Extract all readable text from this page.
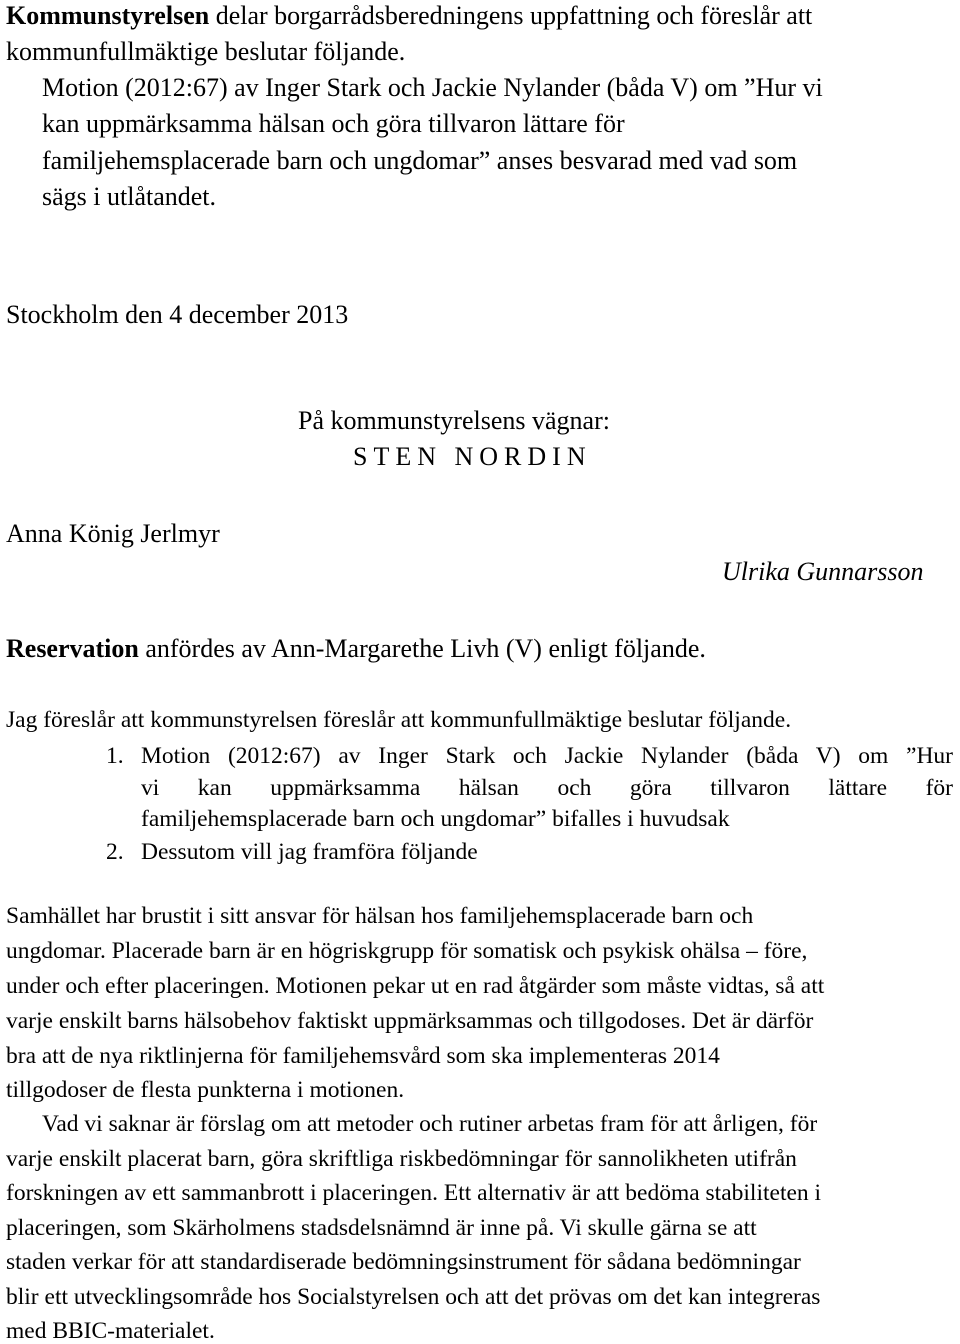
Kommunstyrelsen delar borgarrådsberedningens uppfattning och föreslår att
kommunfullmäktige beslutar följande.
Motion (2012:67) av Inger Stark och Jackie Nylander (båda V) om ”Hur vi
kan uppmärksamma hälsan och göra tillvaron lättare för
familjehemsplacerade barn och ungdomar” anses besvarad med vad som
sägs i utlåtandet.
Stockholm den 4 december 2013
På kommunstyrelsens vägnar:
STEN NORDIN
Anna König Jerlmyr
Ulrika Gunnarsson
Reservation anfördes av Ann-Margarethe Livh (V) enligt följande.
Jag föreslår att kommunstyrelsen föreslår att kommunfullmäktige beslutar följande.
1. Motion (2012:67) av Inger Stark och Jackie Nylander (båda V) om ”Hur
vi kan uppmärksamma hälsan och göra tillvaron lättare för
familjehemsplacerade barn och ungdomar” bifalles i huvudsak
2. Dessutom vill jag framföra följande
Samhället har brustit i sitt ansvar för hälsan hos familjehemsplacerade barn och
ungdomar. Placerade barn är en högriskgrupp för somatisk och psykisk ohälsa – före,
under och efter placeringen. Motionen pekar ut en rad åtgärder som måste vidtas, så att
varje enskilt barns hälsobehov faktiskt uppmärksammas och tillgodoses. Det är därför
bra att de nya riktlinjerna för familjehemsvård som ska implementeras 2014
tillgodoser de flesta punkterna i motionen.
Vad vi saknar är förslag om att metoder och rutiner arbetas fram för att årligen, för
varje enskilt placerat barn, göra skriftliga riskbedömningar för sannolikheten utifrån
forskningen av ett sammanbrott i placeringen. Ett alternativ är att bedöma stabiliteten i
placeringen, som Skärholmens stadsdelsnämnd är inne på. Vi skulle gärna se att
staden verkar för att standardiserade bedömningsinstrument för sådana bedömningar
blir ett utvecklingsområde hos Socialstyrelsen och att det prövas om det kan integreras
med BBIC-materialet.
